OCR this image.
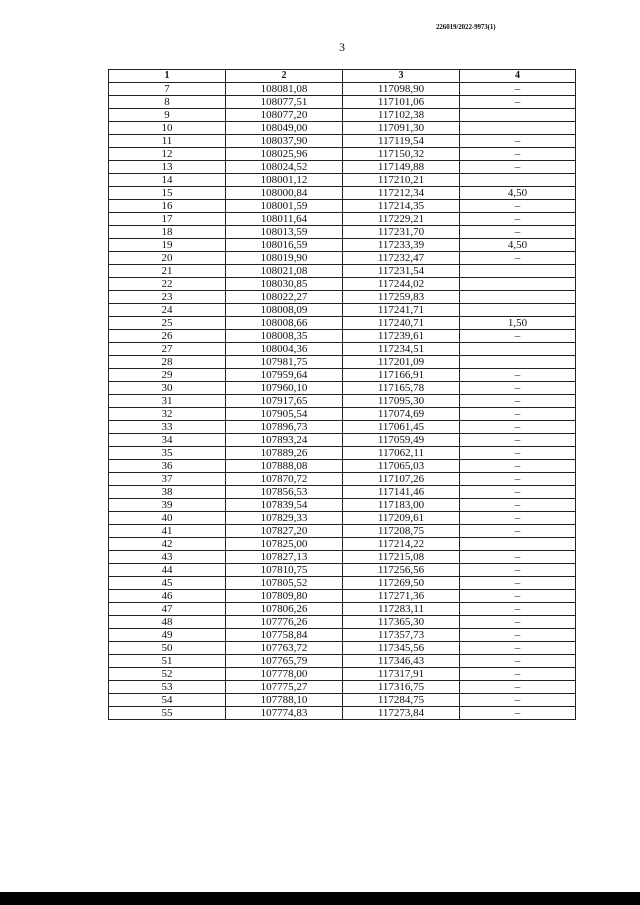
226019/2022-9973(1)
3
1	2	3	4
7	108081,08	117098,90	–
8	108077,51	117101,06	–
9	108077,20	117102,38	
10	108049,00	117091,30	
11	108037,90	117119,54	–
12	108025,96	117150,32	–
13	108024,52	117149,88	–
14	108001,12	117210,21	
15	108000,84	117212,34	4,50
16	108001,59	117214,35	–
17	108011,64	117229,21	–
18	108013,59	117231,70	–
19	108016,59	117233,39	4,50
20	108019,90	117232,47	–
21	108021,08	117231,54	
22	108030,85	117244,02	
23	108022,27	117259,83	
24	108008,09	117241,71	
25	108008,66	117240,71	1,50
26	108008,35	117239,61	–
27	108004,36	117234,51	
28	107981,75	117201,09	
29	107959,64	117166,91	–
30	107960,10	117165,78	–
31	107917,65	117095,30	–
32	107905,54	117074,69	–
33	107896,73	117061,45	–
34	107893,24	117059,49	–
35	107889,26	117062,11	–
36	107888,08	117065,03	–
37	107870,72	117107,26	–
38	107856,53	117141,46	–
39	107839,54	117183,00	–
40	107829,33	117209,61	–
41	107827,20	117208,75	–
42	107825,00	117214,22	
43	107827,13	117215,08	–
44	107810,75	117256,56	–
45	107805,52	117269,50	–
46	107809,80	117271,36	–
47	107806,26	117283,11	–
48	107776,26	117365,30	–
49	107758,84	117357,73	–
50	107763,72	117345,56	–
51	107765,79	117346,43	–
52	107778,00	117317,91	–
53	107775,27	117316,75	–
54	107788,10	117284,75	–
55	107774,83	117273,84	–
